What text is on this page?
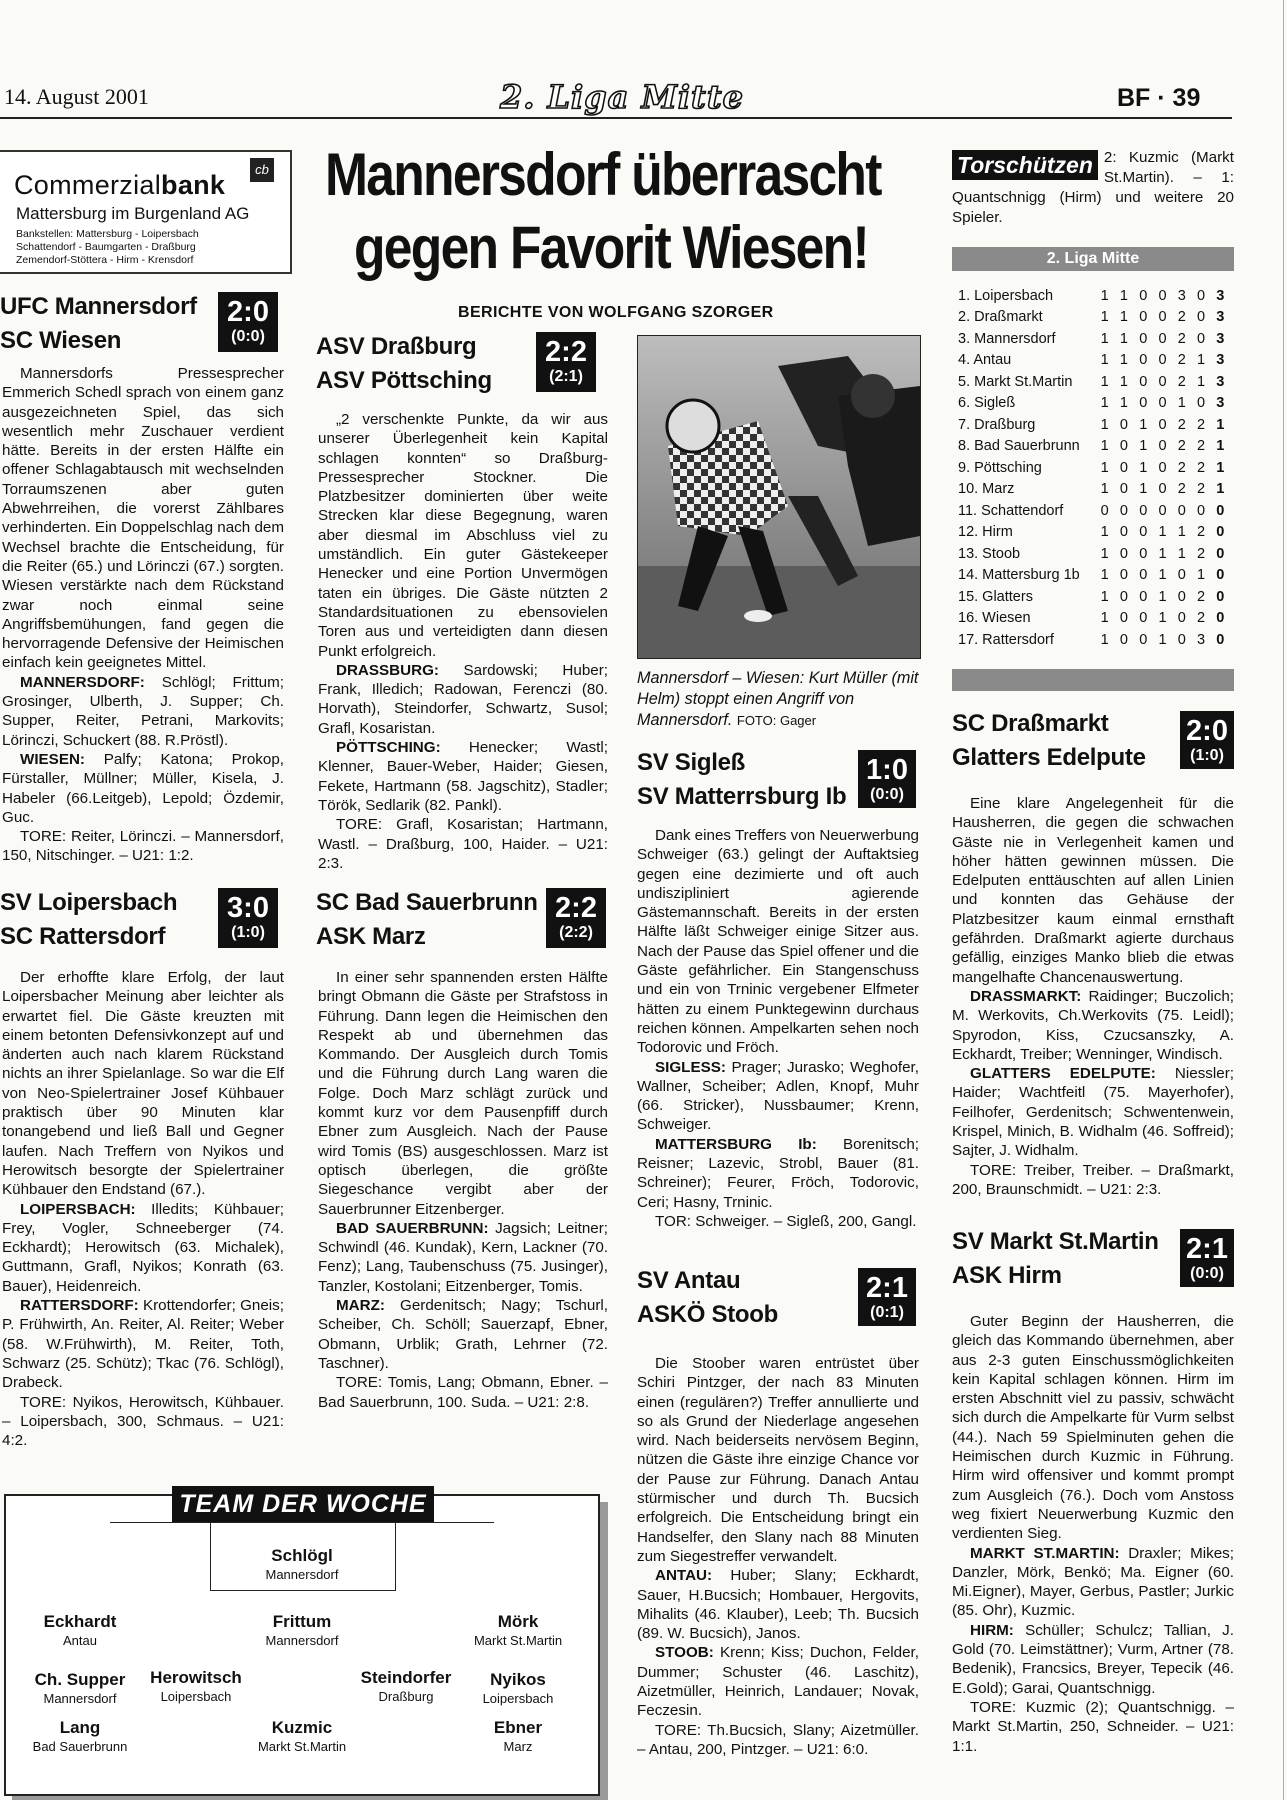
14. August 2001	2. Liga Mitte	BF · 39
Commerzialbank
cb
Mattersburg im Burgenland AG
Bankstellen: Mattersburg - Loipersbach
Schattendorf - Baumgarten - Draßburg
Zemendorf-Stöttera - Hirm - Krensdorf
Mannersdorf überrascht
gegen Favorit Wiesen!
BERICHTE VON WOLFGANG SZORGER
UFC Mannersdorf
SC Wiesen
2:0
(0:0)

Mannersdorfs Pressesprecher Emmerich Schedl sprach von einem ganz ausgezeichneten Spiel, das sich wesentlich mehr Zuschauer verdient hätte. Bereits in der ersten Hälfte ein offener Schlagabtausch mit wechselnden Torraumszenen aber guten Abwehrreihen, die vorerst Zählbares verhinderten. Ein Doppelschlag nach dem Wechsel brachte die Entscheidung, für die Reiter (65.) und Lörinczi (67.) sorgten. Wiesen verstärkte nach dem Rückstand zwar noch einmal seine Angriffsbemühungen, fand gegen die hervorragende Defensive der Heimischen einfach kein geeignetes Mittel.

MANNERSDORF: Schlögl; Frittum; Grosinger, Ulberth, J. Supper; Ch. Supper, Reiter, Petrani, Markovits; Lörinczi, Schuckert (88. R.Pröstl).

WIESEN: Palfy; Katona; Prokop, Fürstaller, Müllner; Müller, Kisela, J. Habeler (66.Leitgeb), Lepold; Özdemir, Guc.

TORE: Reiter, Lörinczi. – Mannersdorf, 150, Nitschinger. – U21: 1:2.

SV Loipersbach
SC Rattersdorf
3:0
(1:0)

Der erhoffte klare Erfolg, der laut Loipersbacher Meinung aber leichter als erwartet fiel. Die Gäste kreuzten mit einem betonten Defensivkonzept auf und änderten auch nach klarem Rückstand nichts an ihrer Spielanlage. So war die Elf von Neo-Spielertrainer Josef Kühbauer praktisch über 90 Minuten klar tonangebend und ließ Ball und Gegner laufen. Nach Treffern von Nyikos und Herowitsch besorgte der Spielertrainer Kühbauer den Endstand (67.).

LOIPERSBACH: Illedits; Kühbauer; Frey, Vogler, Schneeberger (74. Eckhardt); Herowitsch (63. Michalek), Guttmann, Grafl, Nyikos; Konrath (63. Bauer), Heidenreich.

RATTERSDORF: Krottendorfer; Gneis; P. Frühwirth, An. Reiter, Al. Reiter; Weber (58. W.Frühwirth), M. Reiter, Toth, Schwarz (25. Schütz); Tkac (76. Schlögl), Drabeck.

TORE: Nyikos, Herowitsch, Kühbauer. – Loipersbach, 300, Schmaus. – U21: 4:2.

ASV Draßburg
ASV Pöttsching
2:2
(2:1)

„2 verschenkte Punkte, da wir aus unserer Überlegenheit kein Kapital schlagen konnten“ so Draßburg-Pressesprecher Stockner. Die Platzbesitzer dominierten über weite Strecken klar diese Begegnung, waren aber diesmal im Abschluss viel zu umständlich. Ein guter Gästekeeper Henecker und eine Portion Unvermögen taten ein übriges. Die Gäste nützten 2 Standardsituationen zu ebensovielen Toren aus und verteidigten dann diesen Punkt erfolgreich.

DRASSBURG: Sardowski; Huber; Frank, Illedich; Radowan, Ferenczi (80. Horvath), Steindorfer, Schwartz, Susol; Grafl, Kosaristan.

PÖTTSCHING: Henecker; Wastl; Klenner, Bauer-Weber, Haider; Giesen, Fekete, Hartmann (58. Jagschitz), Stadler; Török, Sedlarik (82. Pankl).

TORE: Grafl, Kosaristan; Hartmann, Wastl. – Draßburg, 100, Haider. – U21: 2:3.

SC Bad Sauerbrunn
ASK Marz
2:2
(2:2)

In einer sehr spannenden ersten Hälfte bringt Obmann die Gäste per Strafstoss in Führung. Dann legen die Heimischen den Respekt ab und übernehmen das Kommando. Der Ausgleich durch Tomis und die Führung durch Lang waren die Folge. Doch Marz schlägt zurück und kommt kurz vor dem Pausenpfiff durch Ebner zum Ausgleich. Nach der Pause wird Tomis (BS) ausgeschlossen. Marz ist optisch überlegen, die größte Siegeschance vergibt aber der Sauerbrunner Eitzenberger.

BAD SAUERBRUNN: Jagsich; Leitner; Schwindl (46. Kundak), Kern, Lackner (70. Fenz); Lang, Taubenschuss (75. Jusinger), Tanzler, Kostolani; Eitzenberger, Tomis.

MARZ: Gerdenitsch; Nagy; Tschurl, Scheiber, Ch. Schöll; Sauerzapf, Ebner, Obmann, Urblik; Grath, Lehrner (72. Taschner).

TORE: Tomis, Lang; Obmann, Ebner. – Bad Sauerbrunn, 100. Suda. – U21: 2:8.

Mannersdorf – Wiesen: Kurt Müller (mit Helm) stoppt einen Angriff von Mannersdorf. FOTO: Gager
SV Sigleß
SV Matterrsburg Ib
1:0
(0:0)

Dank eines Treffers von Neuerwerbung Schweiger (63.) gelingt der Auftaktsieg gegen eine dezimierte und oft auch undiszipliniert agierende Gästemannschaft. Bereits in der ersten Hälfte läßt Schweiger einige Sitzer aus. Nach der Pause das Spiel offener und die Gäste gefährlicher. Ein Stangenschuss und ein von Trninic vergebener Elfmeter hätten zu einem Punktegewinn durchaus reichen können. Ampelkarten sehen noch Todorovic und Fröch.

SIGLESS: Prager; Jurasko; Weghofer, Wallner, Scheiber; Adlen, Knopf, Muhr (66. Stricker), Nussbaumer; Krenn, Schweiger.

MATTERSBURG Ib: Borenitsch; Reisner; Lazevic, Strobl, Bauer (81. Schreiner); Feurer, Fröch, Todorovic, Ceri; Hasny, Trninic.

TOR: Schweiger. – Sigleß, 200, Gangl.

SV Antau
ASKÖ Stoob
2:1
(0:1)

Die Stoober waren entrüstet über Schiri Pintzger, der nach 83 Minuten einen (regulären?) Treffer annullierte und so als Grund der Niederlage angesehen wird. Nach beiderseits nervösem Beginn, nützen die Gäste ihre einzige Chance vor der Pause zur Führung. Danach Antau stürmischer und durch Th. Bucsich erfolgreich. Die Entscheidung bringt ein Handselfer, den Slany nach 88 Minuten zum Siegestreffer verwandelt.

ANTAU: Huber; Slany; Eckhardt, Sauer, H.Bucsich; Hombauer, Hergovits, Mihalits (46. Klauber), Leeb; Th. Bucsich (89. W. Bucsich), Janos.

STOOB: Krenn; Kiss; Duchon, Felder, Dummer; Schuster (46. Laschitz), Aizetmüller, Heinrich, Landauer; Novak, Feczesin.

TORE: Th.Bucsich, Slany; Aizetmüller. – Antau, 200, Pintzger. – U21: 6:0.

Torschützen 2: Kuzmic (Markt St.Martin). – 1: Quantschnigg (Hirm) und weitere 20 Spieler.
2. Liga Mitte
1. Loipersbach	1	1	0	0	3	0	3
2. Draßmarkt	1	1	0	0	2	0	3
3. Mannersdorf	1	1	0	0	2	0	3
4. Antau	1	1	0	0	2	1	3
5. Markt St.Martin	1	1	0	0	2	1	3
6. Sigleß	1	1	0	0	1	0	3
7. Draßburg	1	0	1	0	2	2	1
8. Bad Sauerbrunn	1	0	1	0	2	2	1
9. Pöttsching	1	0	1	0	2	2	1
10. Marz	1	0	1	0	2	2	1
11. Schattendorf	0	0	0	0	0	0	0
12. Hirm	1	0	0	1	1	2	0
13. Stoob	1	0	0	1	1	2	0
14. Mattersburg 1b	1	0	0	1	0	1	0
15. Glatters	1	0	0	1	0	2	0
16. Wiesen	1	0	0	1	0	2	0
17. Rattersdorf	1	0	0	1	0	3	0
SC Draßmarkt
Glatters Edelpute
2:0
(1:0)

Eine klare Angelegenheit für die Hausherren, die gegen die schwachen Gäste nie in Verlegenheit kamen und höher hätten gewinnen müssen. Die Edelputen enttäuschten auf allen Linien und konnten das Gehäuse der Platzbesitzer kaum einmal ernsthaft gefährden. Draßmarkt agierte durchaus gefällig, einziges Manko blieb die etwas mangelhafte Chancenauswertung.

DRASSMARKT: Raidinger; Buczolich; M. Werkovits, Ch.Werkovits (75. Leidl); Spyrodon, Kiss, Czucsanszky, A. Eckhardt, Treiber; Wenninger, Windisch.

GLATTERS EDELPUTE: Niessler; Haider; Wachtfeitl (75. Mayerhofer), Feilhofer, Gerdenitsch; Schwentenwein, Krispel, Minich, B. Widhalm (46. Soffreid); Sajter, J. Widhalm.

TORE: Treiber, Treiber. – Draßmarkt, 200, Braunschmidt. – U21: 2:3.

SV Markt St.Martin
ASK Hirm
2:1
(0:0)

Guter Beginn der Hausherren, die gleich das Kommando übernehmen, aber aus 2-3 guten Einschussmöglichkeiten kein Kapital schlagen können. Hirm im ersten Abschnitt viel zu passiv, schwächt sich durch die Ampelkarte für Vurm selbst (44.). Nach 59 Spielminuten gehen die Heimischen durch Kuzmic in Führung. Hirm wird offensiver und kommt prompt zum Ausgleich (76.). Doch vom Anstoss weg fixiert Neuerwerbung Kuzmic den verdienten Sieg.

MARKT ST.MARTIN: Draxler; Mikes; Danzler, Mörk, Benkö; Ma. Eigner (60. Mi.Eigner), Mayer, Gerbus, Pastler; Jurkic (85. Ohr), Kuzmic.

HIRM: Schüller; Schulcz; Tallian, J. Gold (70. Leimstättner); Vurm, Artner (78. Bedenik), Francsics, Breyer, Tepecik (46. E.Gold); Garai, Quantschnigg.

TORE: Kuzmic (2); Quantschnigg. – Markt St.Martin, 250, Schneider. – U21: 1:1.

TEAM DER WOCHE
Schlögl
Mannersdorf
Eckhardt
Antau
Frittum
Mannersdorf
Mörk
Markt St.Martin
Ch. Supper
Mannersdorf
Herowitsch
Loipersbach
Steindorfer
Draßburg
Nyikos
Loipersbach
Lang
Bad Sauerbrunn
Kuzmic
Markt St.Martin
Ebner
Marz
